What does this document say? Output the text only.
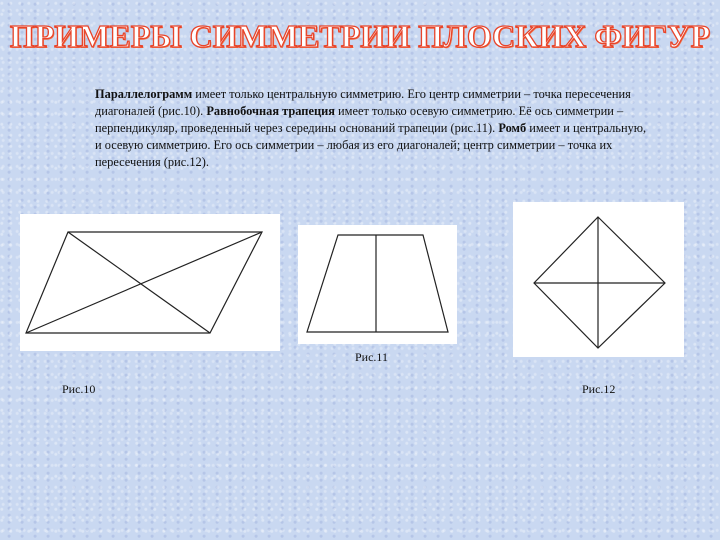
ПРИМЕРЫ СИММЕТРИИ ПЛОСКИХ ФИГУР
Параллелограмм имеет только центральную симметрию. Его центр симметрии – точка пересечения диагоналей (рис.10). Равнобочная трапеция имеет только осевую симметрию. Её ось симметрии – перпендикуляр, проведенный через середины оснований трапеции (рис.11). Ромб имеет и центральную, и осевую симметрию. Его ось симметрии – любая из его диагоналей; центр симметрии – точка их пересечения (рис.12).
Рис.11
Рис.10	Рис.12
